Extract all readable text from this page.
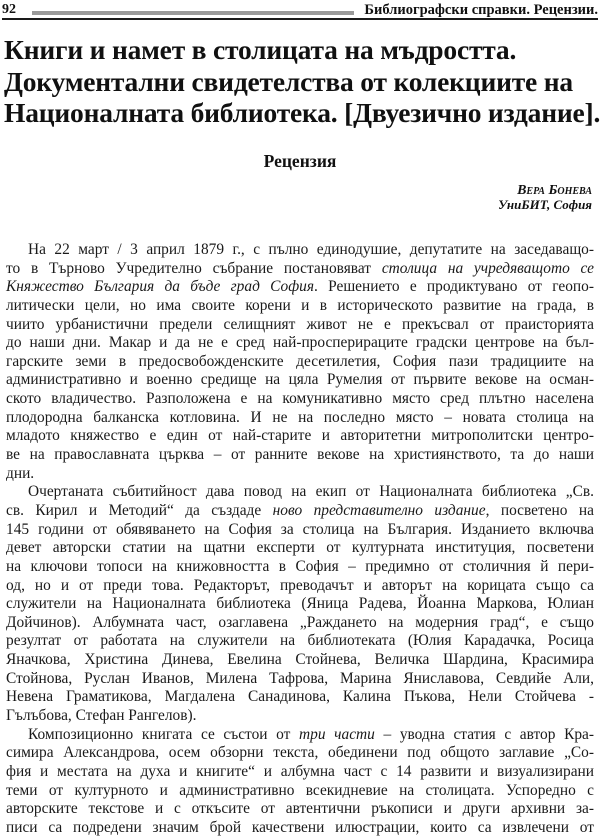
92	Библиографски справки. Рецензии.
Книги и намет в столицата на мъдростта.
Документални свидетелства от колекциите на
Националната библиотека. [Двуезично издание].
Рецензия
Вера Бонева
УниБИТ, София
На 22 март / 3 април 1879 г., с пълно единодушие, депутатите на заседаващо-
то в Търново Учредително събрание постановяват столица на учредяващото се
Княжество България да бъде град София. Решението е продиктувано от геопо-
литически цели, но има своите корени и в историческото развитие на града, в
чиито урбанистични предели селищният живот не е прекъсвал от праисторията
до наши дни. Макар и да не е сред най-просперираците градски центрове на бъл-
гарските земи в предосвобожденските десетилетия, София пази традициите на
административно и военно средище на цяла Румелия от първите векове на осман-
ското владичество. Разположена е на комуникативно място сред плътно населена
плодородна балканска котловина. И не на последно място – новата столица на
младото княжество е един от най-старите и авторитетни митрополитски центро-
ве на православната църква – от ранните векове на християнството, та до наши
дни.
Очертаната събитийност дава повод на екип от Националната библиотека „Св.
св. Кирил и Методий“ да създаде ново представително издание, посветено на
145 години от обявяването на София за столица на България. Изданието включва
девет авторски статии на щатни експерти от културната институция, посветени
на ключови топоси на книжовността в София – предимно от столичния й пери-
од, но и от преди това. Редакторът, преводачът и авторът на корицата също са
служители на Националната библиотека (Яница Радева, Йоанна Маркова, Юлиан
Дойчинов). Албумната част, озаглавена „Раждането на модерния град“, е също
резултат от работата на служители на библиотеката (Юлия Карадачка, Росица
Яначкова, Христина Динева, Евелина Стойнева, Величка Шардина, Красимира
Стойнова, Руслан Иванов, Милена Тафрова, Марина Яниславова, Севдийе Али,
Невена Граматикова, Магдалена Санадинова, Калина Пъкова, Нели Стойчева -
Гълъбова, Стефан Рангелов).
Композиционно книгата се състои от три части – уводна статия с автор Кра-
симира Александрова, осем обзорни текста, обединени под общото заглавие „Со-
фия и местата на духа и книгите“ и албумна част с 14 развити и визуализирани
теми от културното и административно всекидневие на столицата. Успоредно с
авторските текстове и с откъсите от автентични ръкописи и други архивни за-
писи са подредени значим брой качествени илюстрации, които са извлечени от
